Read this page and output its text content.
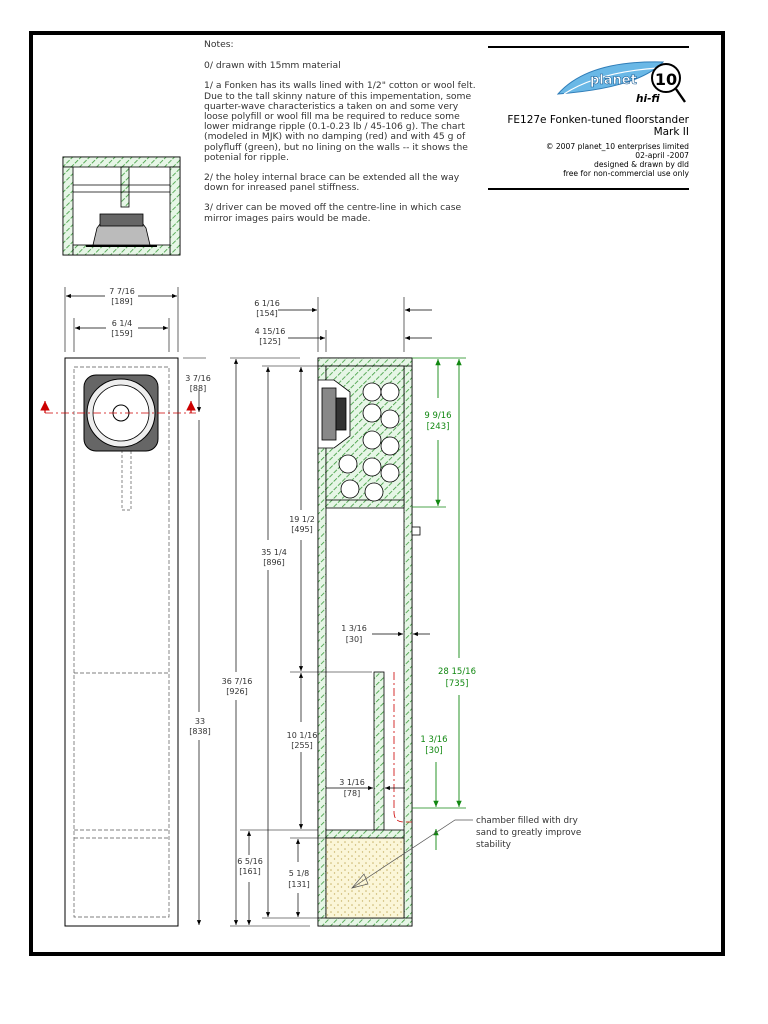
Notes:

0/ drawn with 15mm material

1/ a Fonken has its walls lined with 1/2" cotton or wool felt. Due to the tall skinny nature of this impementation, some quarter-wave characteristics a taken on and some very loose polyfill or wool fill ma be required to reduce some lower midrange ripple (0.1-0.23 lb / 45-106 g). The chart (modeled in MJK) with no damping (red) and with 45 g of polyfluff (green), but no lining on the walls -- it shows the potenial for ripple.

2/ the holey internal brace can be extended all the way down for inreased panel stiffness.

3/ driver can be moved off the centre-line in which case mirror images pairs would be made.

planet 10
hi-fi
FE127e Fonken-tuned floorstander
Mark II
© 2007 planet_10 enterprises limited
02-april -2007
designed & drawn by dld
free for non-commercial use only
7 7/16
[189]
6 1/4
[159]
3 7/16
[88]
33
[838]
36 7/16
[926]
6 1/16
[154]
4 15/16
[125]
35 1/4
[896]
19 1/2
[495]
1 3/16
[30]
10 1/16
[255]
3 1/16
[78]
6 5/16
[161]	5 1/8
[131]
9 9/16
[243]
28 15/16
[735]
1 3/16
[30]
chamber filled with dry
sand to greatly improve
stability
